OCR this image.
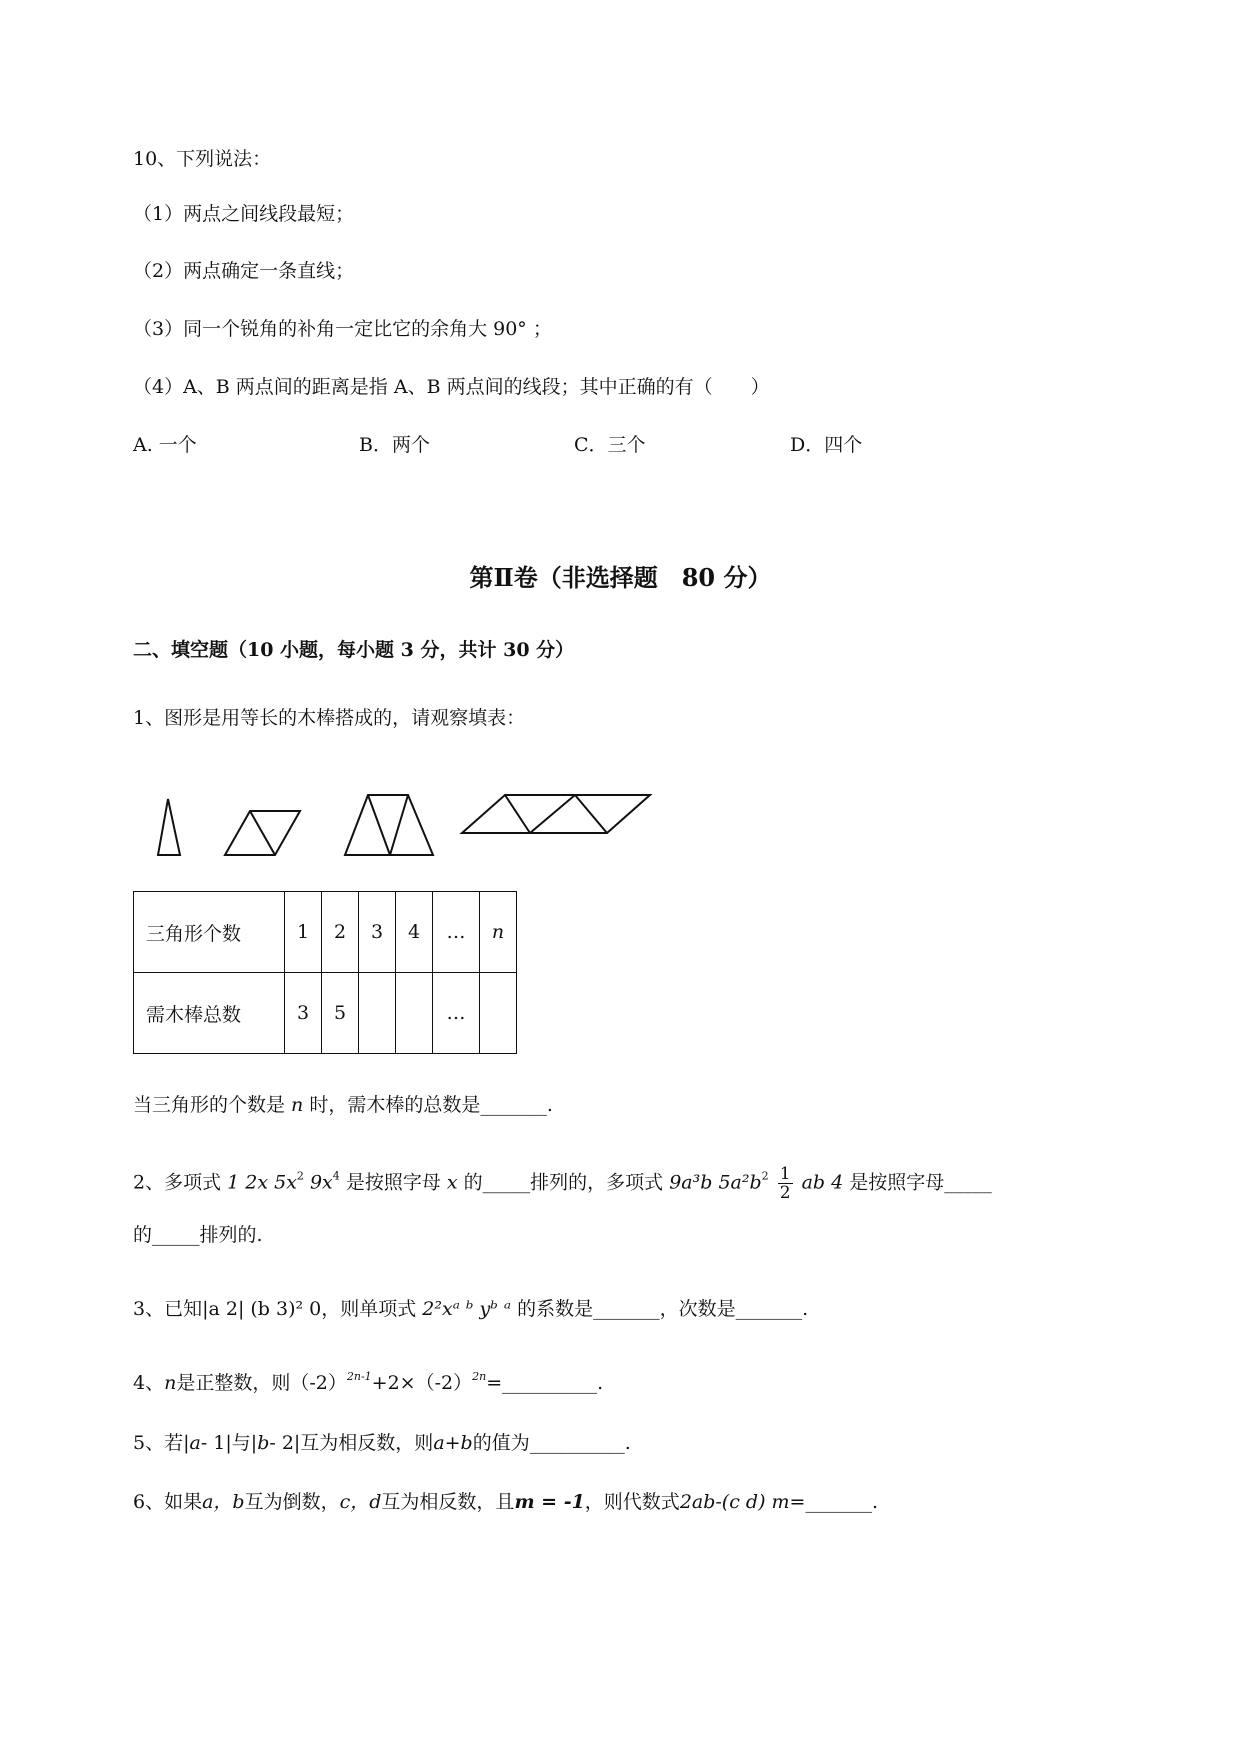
10、下列说法：
（1）两点之间线段最短；
（2）两点确定一条直线；
（3）同一个锐角的补角一定比它的余角大 90° ；
（4）A、B 两点间的距离是指 A、B 两点间的线段；其中正确的有（　　）
A. 一个	B．两个	C．三个	D．四个
第Ⅱ卷（非选择题　80 分）
二、填空题（10 小题，每小题 3 分，共计 30 分）
1、图形是用等长的木棒搭成的，请观察填表：
三角形个数	1	2	3	4	…	n
需木棒总数	3	5			…	
当三角形的个数是 n 时，需木棒的总数是_______.
2、多项式 1 2x $5x^2$ $9x^4$ 是按照字母 x 的_____排列的，多项式 9a³b $5a^2b^2 \frac{1}{2}$ ab 4 是按照字母_____
的_____排列的.
3、已知|a 2| (b 3)² 0，则单项式 2²xᵃ ᵇ yᵇ ᵃ 的系数是_______，次数是_______.
4、n是正整数，则$(-2)^{2n-1}+2\times(-2)^{2n}=\_\_\_\_\_\_\_\_\_\_$.
5、若|a- 1|与|b- 2|互为相反数，则a+b的值为__________.
6、如果a，b互为倒数，c，d互为相反数，且m = -1，则代数式2ab-(c d) m=_______.
